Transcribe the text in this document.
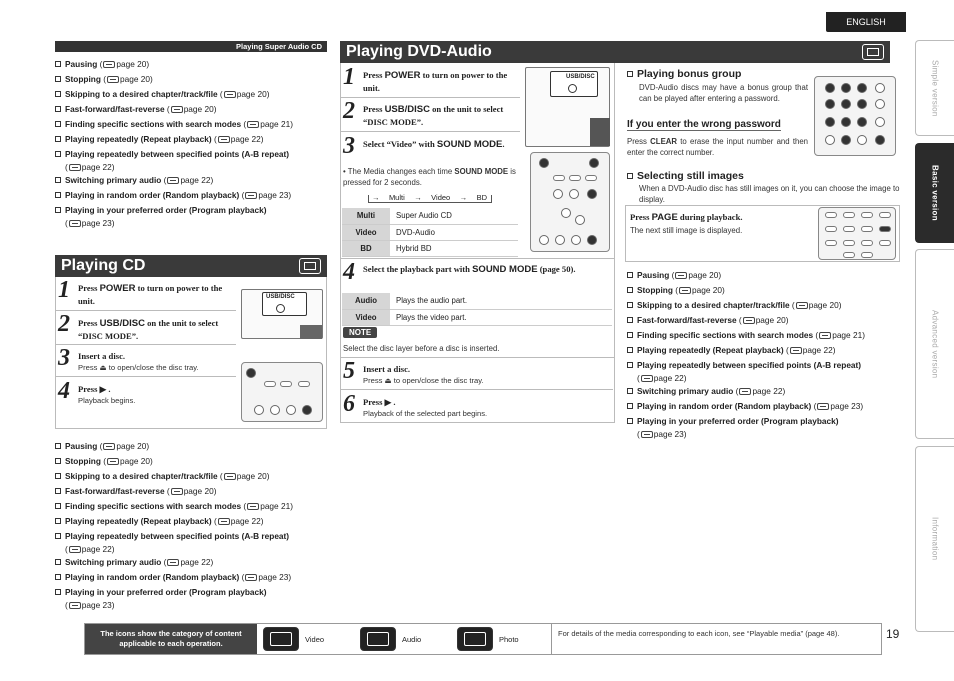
ENGLISH
Simple version
Basic version
Advanced version
Information
Playing Super Audio CD
Pausing ( page 20)
Stopping ( page 20)
Skipping to a desired chapter/track/file ( page 20)
Fast-forward/fast-reverse ( page 20)
Finding specific sections with search modes ( page 21)
Playing repeatedly (Repeat playback) ( page 22)
Playing repeatedly between specified points (A-B repeat)
( page 22)
Switching primary audio ( page 22)
Playing in random order (Random playback) ( page 23)
Playing in your preferred order (Program playback)
( page 23)
Playing CD
1 Press POWER to turn on power to the unit.
2 Press USB/DISC on the unit to select “DISC MODE”.
3 Insert a disc.
Press ⏏ to open/close the disc tray.
4 Press ▶ .
Playback begins.
USB/DISC
Pausing ( page 20)
Stopping ( page 20)
Skipping to a desired chapter/track/file ( page 20)
Fast-forward/fast-reverse ( page 20)
Finding specific sections with search modes ( page 21)
Playing repeatedly (Repeat playback) ( page 22)
Playing repeatedly between specified points (A-B repeat)
( page 22)
Switching primary audio ( page 22)
Playing in random order (Random playback) ( page 23)
Playing in your preferred order (Program playback)
( page 23)
Playing DVD-Audio
1 Press POWER to turn on power to the unit.
2 Press USB/DISC on the unit to select “DISC MODE”.
3 Select “Video” with SOUND MODE.
• The Media changes each time SOUND MODE is pressed for 2 seconds.
→ Multi → Video → BD
Multi	Super Audio CD
Video	DVD-Audio
BD	Hybrid BD
USB/DISC
4 Select the playback part with SOUND MODE (page 50).
Audio	Plays the audio part.
Video	Plays the video part.
NOTE
Select the disc layer before a disc is inserted.
5 Insert a disc.
Press ⏏ to open/close the disc tray.
6 Press ▶ .
Playback of the selected part begins.
Playing bonus group
DVD-Audio discs may have a bonus group that can be played after entering a password.
If you enter the wrong password
Press CLEAR to erase the input number and then enter the correct number.
Selecting still images
When a DVD-Audio disc has still images on it, you can choose the image to display.
Press PAGE during playback.
The next still image is displayed.
Pausing ( page 20)
Stopping ( page 20)
Skipping to a desired chapter/track/file ( page 20)
Fast-forward/fast-reverse ( page 20)
Finding specific sections with search modes ( page 21)
Playing repeatedly (Repeat playback) ( page 22)
Playing repeatedly between specified points (A-B repeat)
( page 22)
Switching primary audio ( page 22)
Playing in random order (Random playback) ( page 23)
Playing in your preferred order (Program playback)
( page 23)
The icons show the category of content applicable to each operation.	Video	Audio	Photo
For details of the media corresponding to each icon, see “Playable media” (page 48).	19
